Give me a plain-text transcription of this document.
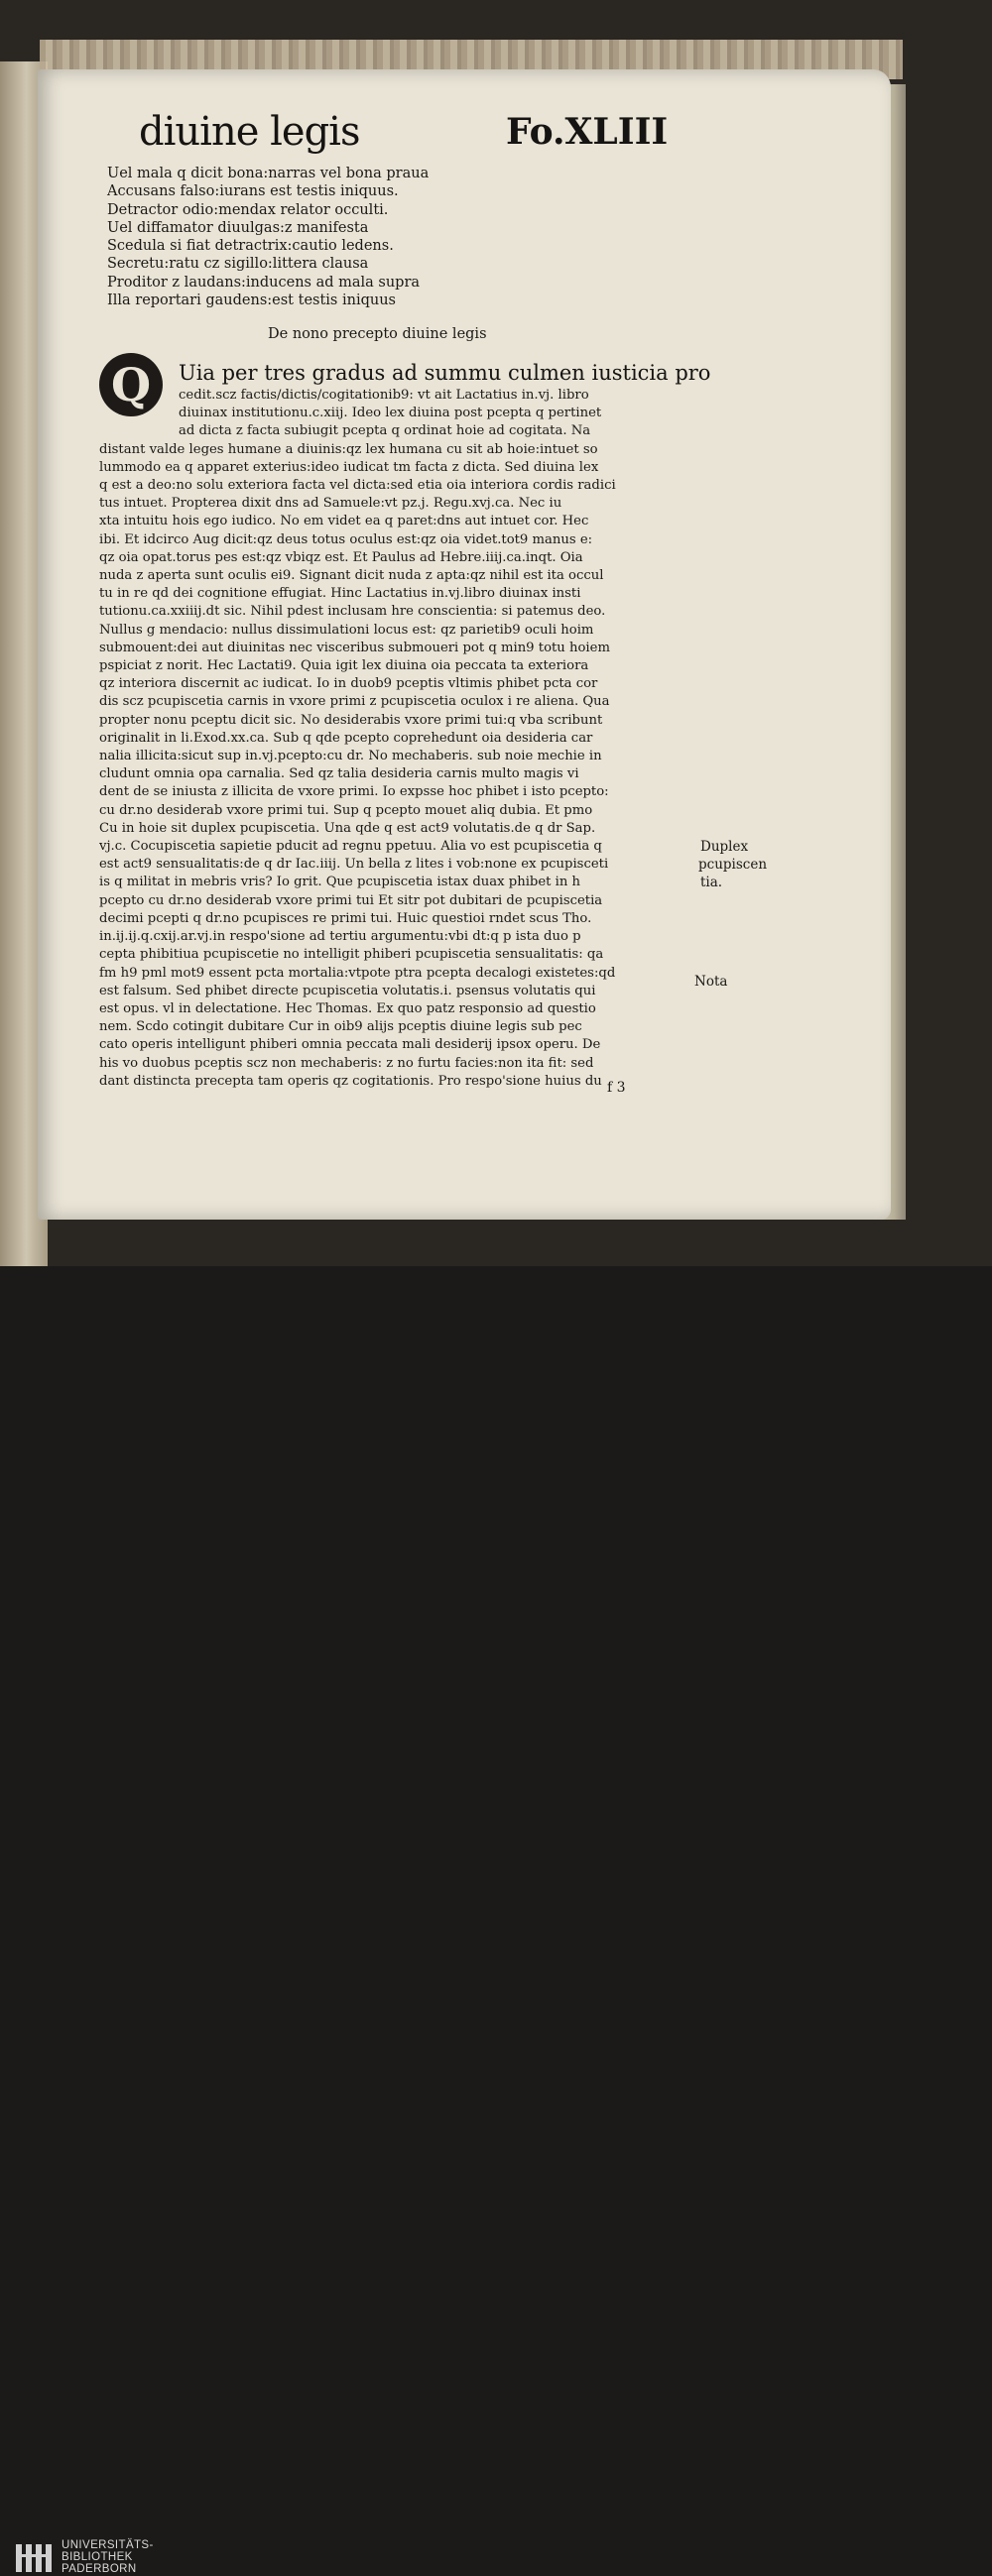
diuine legis	Fo.XLIII
Uel mala q dicit bona:narras vel bona praua
Accusans falso:iurans est testis iniquus.
Detractor odio:mendax relator occulti.
Uel diffamator diuulgas:z manifesta
Scedula si fiat detractrix:cautio ledens.
Secretu:ratu cz sigillo:littera clausa
Proditor z laudans:inducens ad mala supra
Illa reportari gaudens:est testis iniquus
De nono precepto diuine legis
Q	Uia per tres gradus ad summu culmen iusticia pro
cedit.scz factis/dictis/cogitationib9: vt ait Lactatius in.vj. libro
diuinax institutionu.c.xiij. Ideo lex diuina post pcepta q pertinet
ad dicta z facta subiugit pcepta q ordinat hoie ad cogitata. Na
distant valde leges humane a diuinis:qz lex humana cu sit ab hoie:intuet so
lummodo ea q apparet exterius:ideo iudicat tm facta z dicta. Sed diuina lex
q est a deo:no solu exteriora facta vel dicta:sed etia oia interiora cordis radici
tus intuet. Propterea dixit dns ad Samuele:vt pz.j. Regu.xvj.ca. Nec iu
xta intuitu hois ego iudico. No em videt ea q paret:dns aut intuet cor. Hec
ibi. Et idcirco Aug dicit:qz deus totus oculus est:qz oia videt.tot9 manus e:
qz oia opat.torus pes est:qz vbiqz est. Et Paulus ad Hebre.iiij.ca.inqt. Oia
nuda z aperta sunt oculis ei9. Signant dicit nuda z apta:qz nihil est ita occul
tu in re qd dei cognitione effugiat. Hinc Lactatius in.vj.libro diuinax insti
tutionu.ca.xxiiij.dt sic. Nihil pdest inclusam hre conscientia: si patemus deo.
Nullus g mendacio: nullus dissimulationi locus est: qz parietib9 oculi hoim
submouent:dei aut diuinitas nec visceribus submoueri pot q min9 totu hoiem
pspiciat z norit. Hec Lactati9. Quia igit lex diuina oia peccata ta exteriora
qz interiora discernit ac iudicat. Io in duob9 pceptis vltimis phibet pcta cor
dis scz pcupiscetia carnis in vxore primi z pcupiscetia oculox i re aliena. Qua
propter nonu pceptu dicit sic. No desiderabis vxore primi tui:q vba scribunt
originalit in li.Exod.xx.ca. Sub q qde pcepto coprehedunt oia desideria car
nalia illicita:sicut sup in.vj.pcepto:cu dr. No mechaberis. sub noie mechie in
cludunt omnia opa carnalia. Sed qz talia desideria carnis multo magis vi
dent de se iniusta z illicita de vxore primi. Io expsse hoc phibet i isto pcepto:
cu dr.no desiderab vxore primi tui. Sup q pcepto mouet aliq dubia. Et pmo
Cu in hoie sit duplex pcupiscetia. Una qde q est act9 volutatis.de q dr Sap.
vj.c. Cocupiscetia sapietie pducit ad regnu ppetuu. Alia vo est pcupiscetia q
est act9 sensualitatis:de q dr Iac.iiij. Un bella z lites i vob:none ex pcupisceti
is q militat in mebris vris? Io grit. Que pcupiscetia istax duax phibet in h
pcepto cu dr.no desiderab vxore primi tui Et sitr pot dubitari de pcupiscetia
decimi pcepti q dr.no pcupisces re primi tui. Huic questioi rndet scus Tho.
in.ij.ij.q.cxij.ar.vj.in respo'sione ad tertiu argumentu:vbi dt:q p ista duo p
cepta phibitiua pcupiscetie no intelligit phiberi pcupiscetia sensualitatis: qa
fm h9 pml mot9 essent pcta mortalia:vtpote ptra pcepta decalogi existetes:qd
est falsum. Sed phibet directe pcupiscetia volutatis.i. psensus volutatis qui
est opus. vl in delectatione. Hec Thomas. Ex quo patz responsio ad questio
nem. Scdo cotingit dubitare Cur in oib9 alijs pceptis diuine legis sub pec
cato operis intelligunt phiberi omnia peccata mali desiderij ipsox operu. De
his vo duobus pceptis scz non mechaberis: z no furtu facies:non ita fit: sed
dant distincta precepta tam operis qz cogitationis. Pro respo'sione huius du
Duplex
pcupiscen
tia.
Nota
f 3
UNIVERSITÄTS-
BIBLIOTHEK
PADERBORN
